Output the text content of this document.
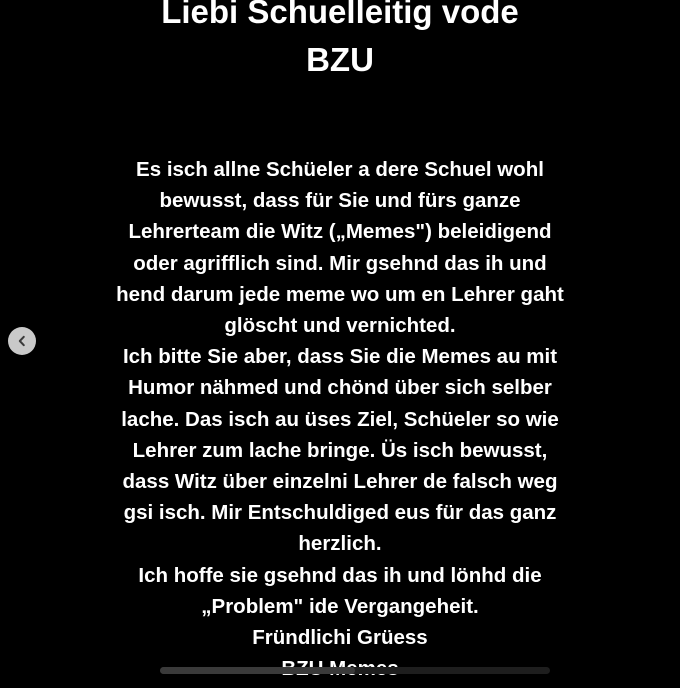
Liebi Schuelleitig vode
BZU
Es isch allne Schüeler a dere Schuel wohl
bewusst, dass für Sie und fürs ganze
Lehrerteam die Witz („Memes") beleidigend
oder agrifflich sind. Mir gsehnd das ih und
hend darum jede meme wo um en Lehrer gaht
glöscht und vernichted.
Ich bitte Sie aber, dass Sie die Memes au mit
Humor nähmed und chönd über sich selber
lache. Das isch au üses Ziel, Schüeler so wie
Lehrer zum lache bringe. Üs isch bewusst,
dass Witz über einzelni Lehrer de falsch weg
gsi isch. Mir Entschuldiged eus für das ganz
herzlich.
Ich hoffe sie gsehnd das ih und lönhd die
„Problem" ide Vergangeheit.
Fründlichi Grüess
